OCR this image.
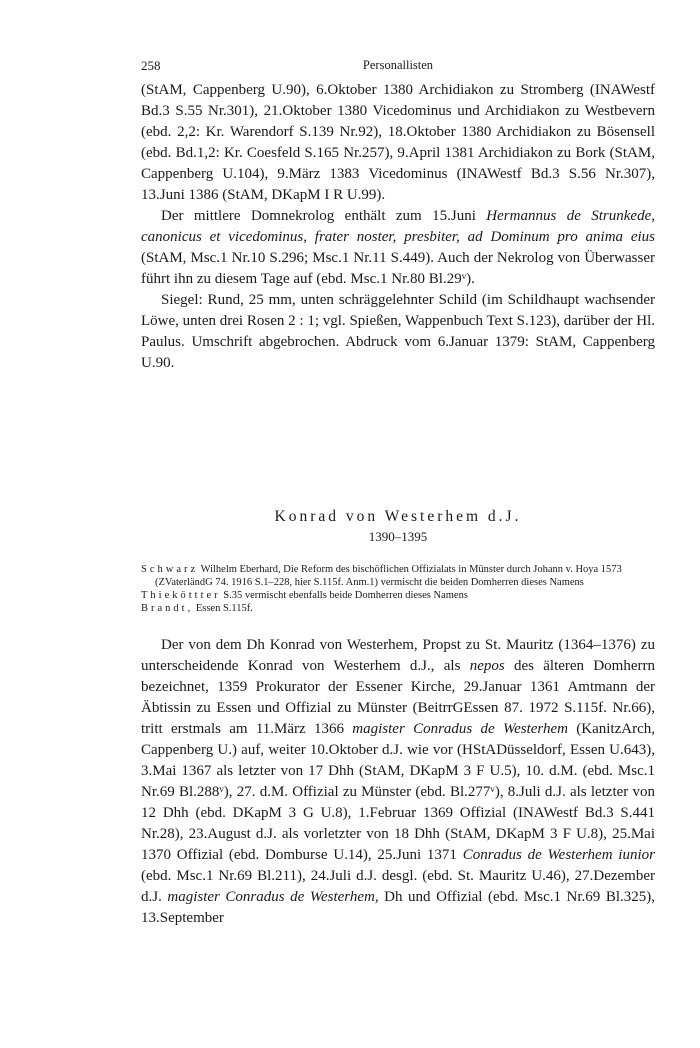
258	Personallisten

(StAM, Cappenberg U.90), 6.Oktober 1380 Archidiakon zu Stromberg (INAWestf Bd.3 S.55 Nr.301), 21.Oktober 1380 Vicedominus und Archidiakon zu Westbevern (ebd. 2,2: Kr. Warendorf S.139 Nr.92), 18.Oktober 1380 Archidiakon zu Bösensell (ebd. Bd.1,2: Kr. Coesfeld S.165 Nr.257), 9.April 1381 Archidiakon zu Bork (StAM, Cappenberg U.104), 9.März 1383 Vicedominus (INAWestf Bd.3 S.56 Nr.307), 13.Juni 1386 (StAM, DKapM I R U.99).

Der mittlere Domnekrolog enthält zum 15.Juni Hermannus de Strunkede, canonicus et vicedominus, frater noster, presbiter, ad Dominum pro anima eius (StAM, Msc.1 Nr.10 S.296; Msc.1 Nr.11 S.449). Auch der Nekrolog von Überwasser führt ihn zu diesem Tage auf (ebd. Msc.1 Nr.80 Bl.29ᵛ).

Siegel: Rund, 25 mm, unten schräggelehnter Schild (im Schildhaupt wachsender Löwe, unten drei Rosen 2 : 1; vgl. Spießen, Wappenbuch Text S.123), darüber der Hl. Paulus. Umschrift abgebrochen. Abdruck vom 6.Januar 1379: StAM, Cappenberg U.90.

Konrad von Westerhem d.J.
1390–1395
Schwarz Wilhelm Eberhard, Die Reform des bischöflichen Offizialats in Münster durch Johann v. Hoya 1573 (ZVaterländG 74. 1916 S.1–228, hier S.115f. Anm.1) vermischt die beiden Domherren dieses Namens
Thieköttter S.35 vermischt ebenfalls beide Domherren dieses Namens
Brandt, Essen S.115f.

Der von dem Dh Konrad von Westerhem, Propst zu St. Mauritz (1364–1376) zu unterscheidende Konrad von Westerhem d.J., als nepos des älteren Domherrn bezeichnet, 1359 Prokurator der Essener Kirche, 29.Januar 1361 Amtmann der Äbtissin zu Essen und Offizial zu Münster (BeitrrGEssen 87. 1972 S.115f. Nr.66), tritt erstmals am 11.März 1366 magister Conradus de Westerhem (KanitzArch, Cappenberg U.) auf, weiter 10.Oktober d.J. wie vor (HStADüsseldorf, Essen U.643), 3.Mai 1367 als letzter von 17 Dhh (StAM, DKapM 3 F U.5), 10. d.M. (ebd. Msc.1 Nr.69 Bl.288ᵛ), 27. d.M. Offizial zu Münster (ebd. Bl.277ᵛ), 8.Juli d.J. als letzter von 12 Dhh (ebd. DKapM 3 G U.8), 1.Februar 1369 Offizial (INAWestf Bd.3 S.441 Nr.28), 23.August d.J. als vorletzter von 18 Dhh (StAM, DKapM 3 F U.8), 25.Mai 1370 Offizial (ebd. Domburse U.14), 25.Juni 1371 Conradus de Westerhem iunior (ebd. Msc.1 Nr.69 Bl.211), 24.Juli d.J. desgl. (ebd. St. Mauritz U.46), 27.Dezember d.J. magister Conradus de Westerhem, Dh und Offizial (ebd. Msc.1 Nr.69 Bl.325), 13.September
